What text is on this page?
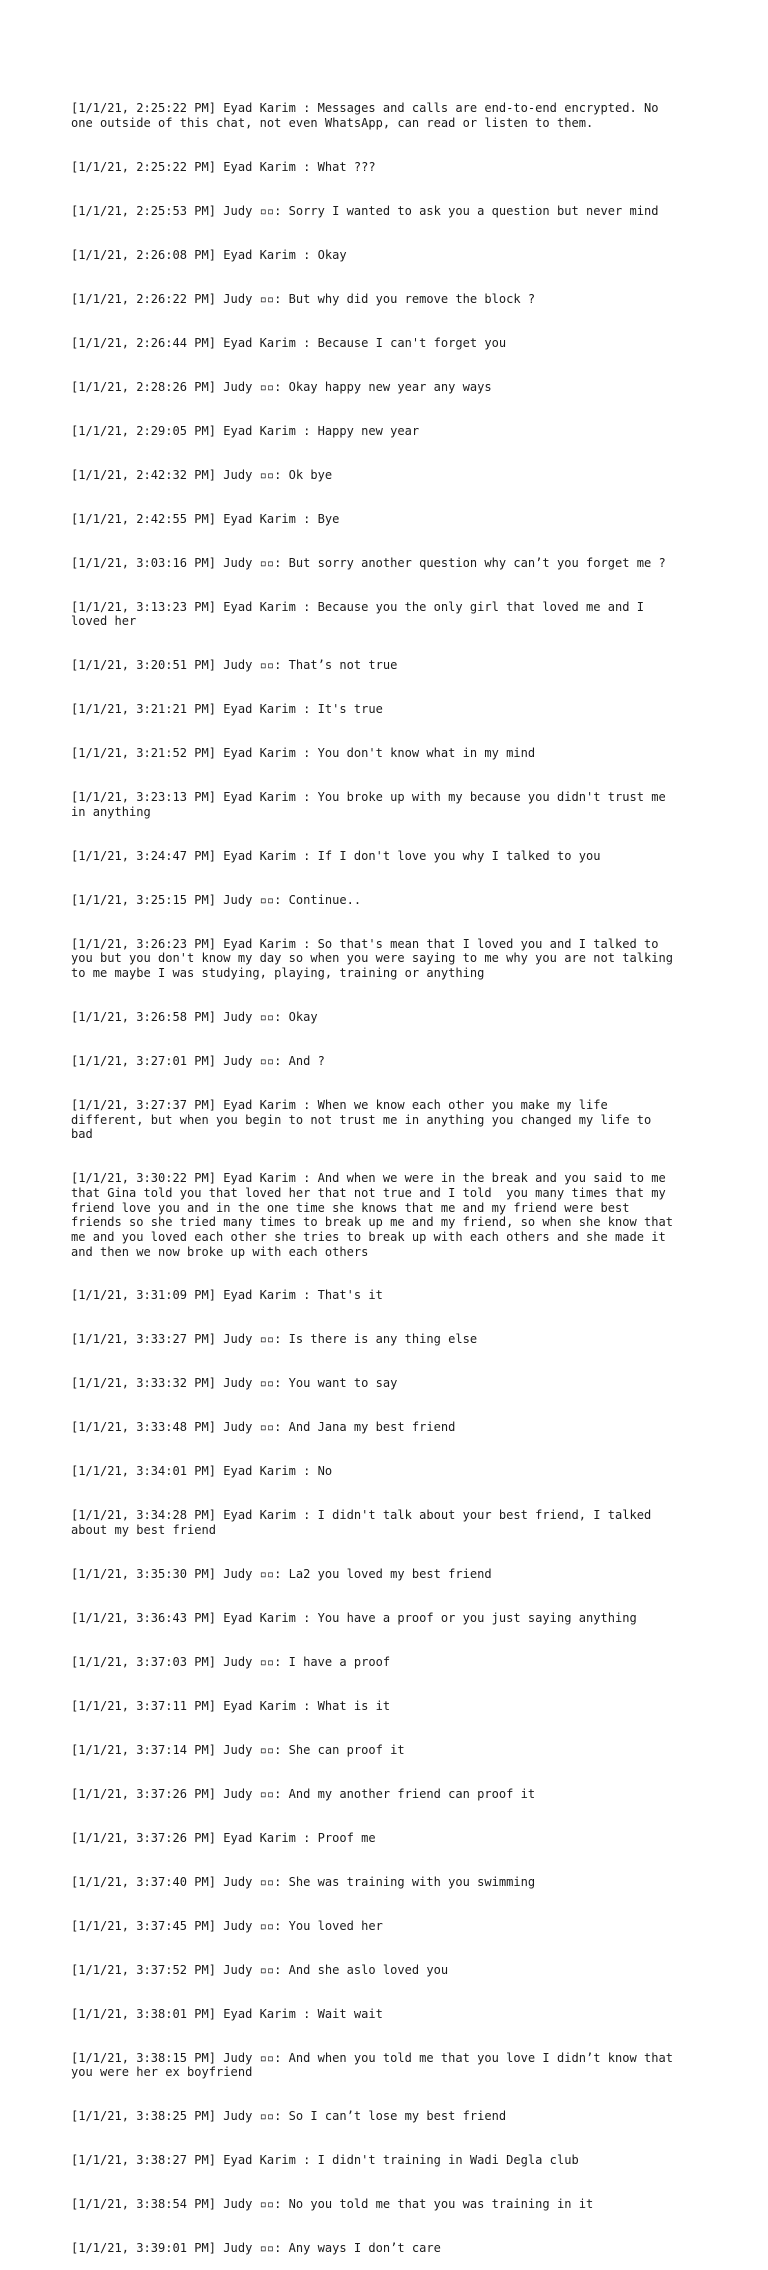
[1/1/21, 2:25:22 PM] Eyad Karim : Messages and calls are end-to-end encrypted. No
one outside of this chat, not even WhatsApp, can read or listen to them.

[1/1/21, 2:25:22 PM] Eyad Karim : What ???

[1/1/21, 2:25:53 PM] Judy ▫▫: Sorry I wanted to ask you a question but never mind

[1/1/21, 2:26:08 PM] Eyad Karim : Okay

[1/1/21, 2:26:22 PM] Judy ▫▫: But why did you remove the block ?

[1/1/21, 2:26:44 PM] Eyad Karim : Because I can't forget you

[1/1/21, 2:28:26 PM] Judy ▫▫: Okay happy new year any ways

[1/1/21, 2:29:05 PM] Eyad Karim : Happy new year

[1/1/21, 2:42:32 PM] Judy ▫▫: Ok bye

[1/1/21, 2:42:55 PM] Eyad Karim : Bye

[1/1/21, 3:03:16 PM] Judy ▫▫: But sorry another question why can’t you forget me ?

[1/1/21, 3:13:23 PM] Eyad Karim : Because you the only girl that loved me and I
loved her

[1/1/21, 3:20:51 PM] Judy ▫▫: That’s not true

[1/1/21, 3:21:21 PM] Eyad Karim : It's true

[1/1/21, 3:21:52 PM] Eyad Karim : You don't know what in my mind

[1/1/21, 3:23:13 PM] Eyad Karim : You broke up with my because you didn't trust me
in anything

[1/1/21, 3:24:47 PM] Eyad Karim : If I don't love you why I talked to you

[1/1/21, 3:25:15 PM] Judy ▫▫: Continue..

[1/1/21, 3:26:23 PM] Eyad Karim : So that's mean that I loved you and I talked to
you but you don't know my day so when you were saying to me why you are not talking
to me maybe I was studying, playing, training or anything

[1/1/21, 3:26:58 PM] Judy ▫▫: Okay

[1/1/21, 3:27:01 PM] Judy ▫▫: And ?

[1/1/21, 3:27:37 PM] Eyad Karim : When we know each other you make my life
different, but when you begin to not trust me in anything you changed my life to
bad

[1/1/21, 3:30:22 PM] Eyad Karim : And when we were in the break and you said to me
that Gina told you that loved her that not true and I told  you many times that my
friend love you and in the one time she knows that me and my friend were best
friends so she tried many times to break up me and my friend, so when she know that
me and you loved each other she tries to break up with each others and she made it
and then we now broke up with each others

[1/1/21, 3:31:09 PM] Eyad Karim : That's it

[1/1/21, 3:33:27 PM] Judy ▫▫: Is there is any thing else

[1/1/21, 3:33:32 PM] Judy ▫▫: You want to say

[1/1/21, 3:33:48 PM] Judy ▫▫: And Jana my best friend

[1/1/21, 3:34:01 PM] Eyad Karim : No

[1/1/21, 3:34:28 PM] Eyad Karim : I didn't talk about your best friend, I talked
about my best friend

[1/1/21, 3:35:30 PM] Judy ▫▫: La2 you loved my best friend

[1/1/21, 3:36:43 PM] Eyad Karim : You have a proof or you just saying anything

[1/1/21, 3:37:03 PM] Judy ▫▫: I have a proof

[1/1/21, 3:37:11 PM] Eyad Karim : What is it

[1/1/21, 3:37:14 PM] Judy ▫▫: She can proof it

[1/1/21, 3:37:26 PM] Judy ▫▫: And my another friend can proof it

[1/1/21, 3:37:26 PM] Eyad Karim : Proof me

[1/1/21, 3:37:40 PM] Judy ▫▫: She was training with you swimming

[1/1/21, 3:37:45 PM] Judy ▫▫: You loved her

[1/1/21, 3:37:52 PM] Judy ▫▫: And she aslo loved you

[1/1/21, 3:38:01 PM] Eyad Karim : Wait wait

[1/1/21, 3:38:15 PM] Judy ▫▫: And when you told me that you love I didn’t know that
you were her ex boyfriend

[1/1/21, 3:38:25 PM] Judy ▫▫: So I can’t lose my best friend

[1/1/21, 3:38:27 PM] Eyad Karim : I didn't training in Wadi Degla club

[1/1/21, 3:38:54 PM] Judy ▫▫: No you told me that you was training in it

[1/1/21, 3:39:01 PM] Judy ▫▫: Any ways I don’t care
